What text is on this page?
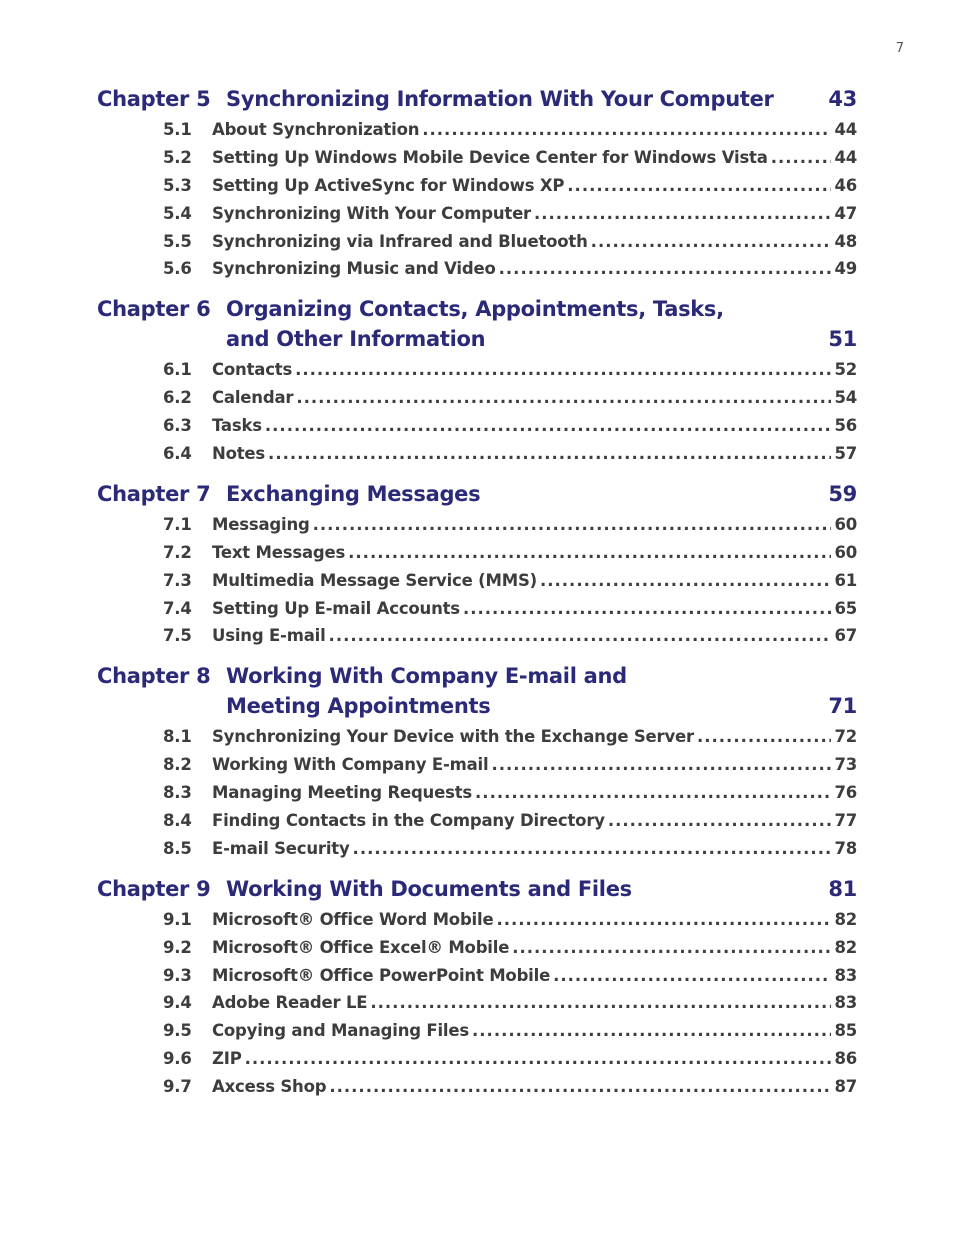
7
Chapter 5 Synchronizing Information With Your Computer	43
5.1 About Synchronization .....	44
5.2 Setting Up Windows Mobile Device Center for Windows Vista .....	44
5.3 Setting Up ActiveSync for Windows XP .....	46
5.4 Synchronizing With Your Computer .....	47
5.5 Synchronizing via Infrared and Bluetooth .....	48
5.6 Synchronizing Music and Video .....	49
Chapter 6 Organizing Contacts, Appointments, Tasks,
and Other Information	51
6.1 Contacts .....	52
6.2 Calendar .....	54
6.3 Tasks .....	56
6.4 Notes .....	57
Chapter 7 Exchanging Messages	59
7.1 Messaging .....	60
7.2 Text Messages .....	60
7.3 Multimedia Message Service (MMS) .....	61
7.4 Setting Up E-mail Accounts .....	65
7.5 Using E-mail .....	67
Chapter 8 Working With Company E-mail and
Meeting Appointments	71
8.1 Synchronizing Your Device with the Exchange Server .....	72
8.2 Working With Company E-mail .....	73
8.3 Managing Meeting Requests .....	76
8.4 Finding Contacts in the Company Directory .....	77
8.5 E-mail Security .....	78
Chapter 9 Working With Documents and Files	81
9.1 Microsoft® Office Word Mobile .....	82
9.2 Microsoft® Office Excel® Mobile .....	82
9.3 Microsoft® Office PowerPoint Mobile .....	83
9.4 Adobe Reader LE .....	83
9.5 Copying and Managing Files .....	85
9.6 ZIP .....	86
9.7 Axcess Shop .....	87
